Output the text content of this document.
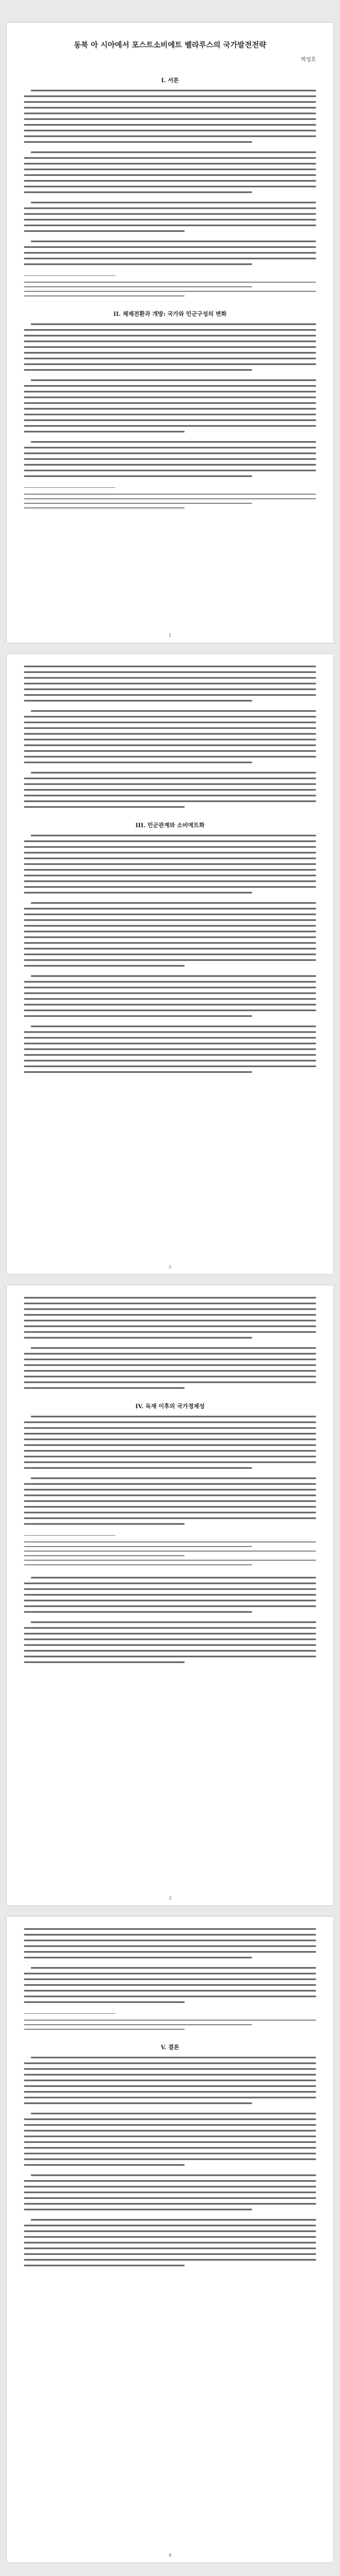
동북 아 시아에서 포스트소비에트 벨라루스의 국가발전전략
박성호
I. 서론
II. 체제전환과 개방: 국가와 민군구성의 변화
1
III. 민군관계와 소비에트화
2
IV. 독재 이후의 국가경제성
3
V. 결론
4
